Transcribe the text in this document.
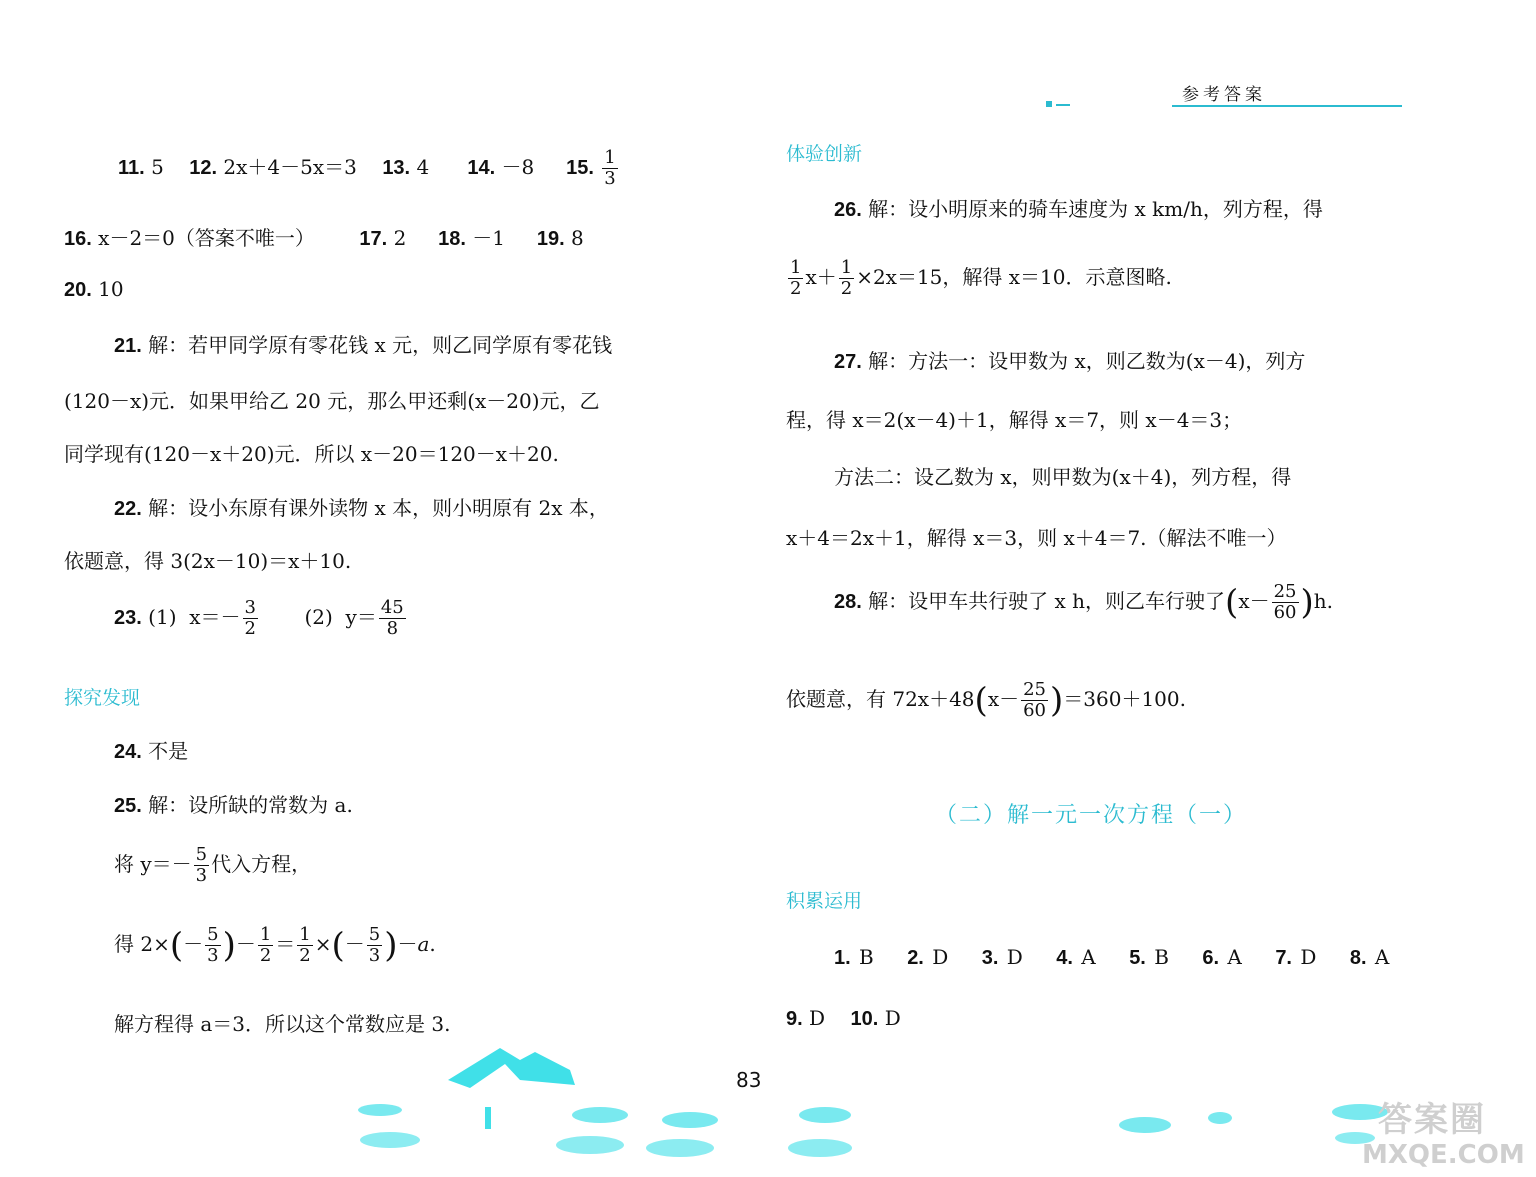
参考答案
11. 5 12. 2x＋4－5x＝3 13. 4 14. －8 15. $\frac{1}{3}$
16. x－2＝0（答案不唯一） 17. 2 18. －1 19. 8
20. 10
21. 解：若甲同学原有零花钱 x 元，则乙同学原有零花钱
(120－x)元．如果甲给乙 20 元，那么甲还剩(x－20)元，乙
同学现有(120－x＋20)元．所以 x－20＝120－x＋20.
22. 解：设小东原有课外读物 x 本，则小明原有 2x 本，
依题意，得 3(2x－10)＝x＋10.
23. (1) $x=- \frac{3}{2} (2)$ $y= \frac{45}{8}$
探究发现
24. 不是
25. 解：设所缺的常数为 a.
将 $y=- \frac{5}{3}$ 代入方程，
得 $2\times(- \frac{5}{3}$ )－ $\frac{1}{2} = \frac{1}{2}$ ×(－ $\frac{5}{3} )-a$.
解方程得 a＝3．所以这个常数应是 3.
体验创新
26. 解：设小明原来的骑车速度为 x km/h，列方程，得
$\frac{1}{2} x+ \frac{1}{2} \times 2x=15$，解得 x＝10．示意图略.
27. 解：方法一：设甲数为 x，则乙数为(x－4)，列方
程，得 x＝2(x－4)＋1，解得 x＝7，则 x－4＝3；
方法二：设乙数为 x，则甲数为(x＋4)，列方程，得
x＋4＝2x＋1，解得 x＝3，则 x＋4＝7.（解法不唯一）
28. 解：设甲车共行驶了 x h，则乙车行驶了$(x- \frac{25}{60} )h$.
依题意，有 $72x+48(x- \frac{25}{60} )=360+100$.
（二）解一元一次方程（一）
积累运用
1. B 2. D 3. D 4. A 5. B 6. A 7. D 8. A
9. D 10. D
83
答案圈
MXQE.COM
